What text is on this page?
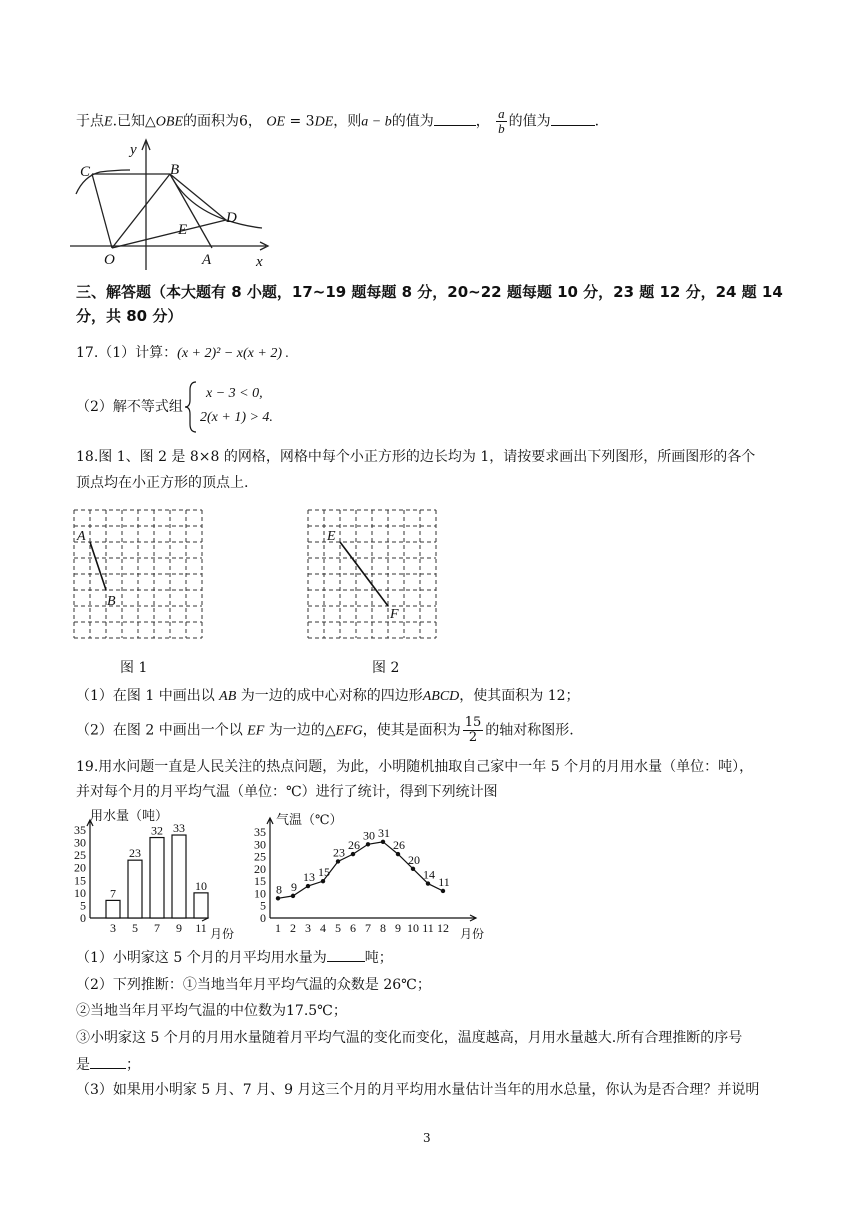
于点E.已知△OBE的面积为6， OE = 3DE，则a − b的值为	， $\frac{a}{b}$ 的值为	.
y
C	B
D
E
O	A	x
三、解答题（本大题有 8 小题，17~19 题每题 8 分，20~22 题每题 10 分，23 题 12 分，24 题 14
分，共 80 分）
17.（1）计算：(x + 2)² − x(x + 2) .
（2）解不等式组
x − 3 < 0,
2(x + 1) > 4.
18.图 1、图 2 是 8×8 的网格，网格中每个小正方形的边长均为 1，请按要求画出下列图形，所画图形的各个
顶点均在小正方形的顶点上.
A
B
图 1
E
F
图 2
（1）在图 1 中画出以 AB 为一边的成中心对称的四边形ABCD，使其面积为 12；
（2）在图 2 中画出一个以 EF 为一边的△EFG，使其是面积为 $\frac{15}{2}$ 的轴对称图形.
19.用水问题一直是人民关注的热点问题，为此，小明随机抽取自己家中一年 5 个月的月用水量（单位：吨），
并对每个月的月平均气温（单位：℃）进行了统计，得到下列统计图
用水量（吨）
月份
0
5
10
15
20
25
30
35
7
3
23
5
32
7
33
9
10
11
气温（℃）
月份
0
5
10
15
20
25
30
35
8
1
9
2
13
3
15
4
23
5
26
6
30
7
31
8
26
9
20
10
14
11
11
12
（1）小明家这 5 个月的月平均用水量为	吨；
（2）下列推断：①当地当年月平均气温的众数是 26℃；
②当地当年月平均气温的中位数为17.5℃；
③小明家这 5 个月的月用水量随着月平均气温的变化而变化，温度越高，月用水量越大.所有合理推断的序号
是	；
（3）如果用小明家 5 月、7 月、9 月这三个月的月平均用水量估计当年的用水总量，你认为是否合理？并说明
3
